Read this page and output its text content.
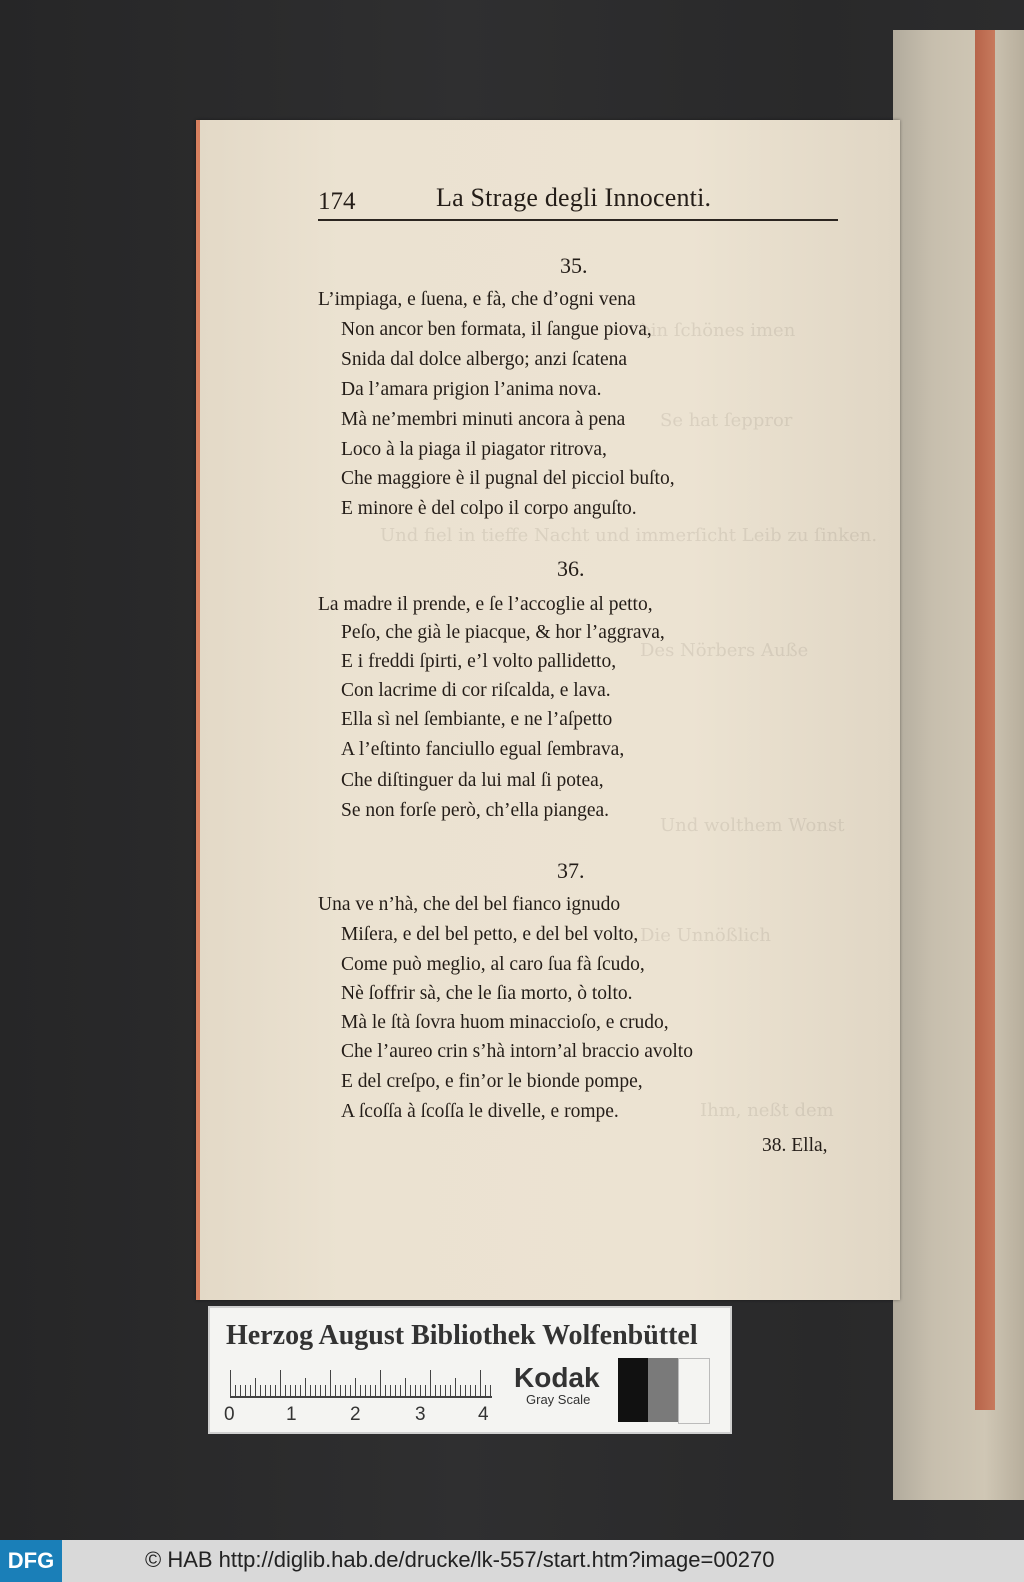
ꝺin ſchönes imen
Se hat ſeppror
Und fiel in tieffe Nacht und immerſicht Leib zu ſinken.
Des Nörbers Auße
Und wolthem Wonst
Die Unnößlich
Ihm, neßt dem
174	La Strage degli Innocenti.
35.
L’impiaga, e ſuena, e fà, che d’ogni vena
Non ancor ben formata, il ſangue piova,
Snida dal dolce albergo; anzi ſcatena
Da l’amara prigion l’anima nova.
Mà ne’membri minuti ancora à pena
Loco à la piaga il piagator ritrova,
Che maggiore è il pugnal del picciol buſto,
E minore è del colpo il corpo anguſto.
36.
La madre il prende, e ſe l’accoglie al petto,
Peſo, che già le piacque, & hor l’aggrava,
E i freddi ſpirti, e’l volto pallidetto,
Con lacrime di cor riſcalda, e lava.
Ella sì nel ſembiante, e ne l’aſpetto
A l’eſtinto fanciullo egual ſembrava,
Che diſtinguer da lui mal ſi potea,
Se non forſe però, ch’ella piangea.
37.
Una ve n’hà, che del bel fianco ignudo
Miſera, e del bel petto, e del bel volto,
Come può meglio, al caro ſua fà ſcudo,
Nè ſoffrir sà, che le ſia morto, ò tolto.
Mà le ſtà ſovra huom minaccioſo, e crudo,
Che l’aureo crin s’hà intorn’al braccio avolto
E del creſpo, e fin’or le bionde pompe,
A ſcoſſa à ſcoſſa le divelle, e rompe.
38. Ella,
Herzog August Bibliothek Wolfenbüttel
0	1	2	3	4
Kodak
Gray Scale
DFG	© HAB http://diglib.hab.de/drucke/lk-557/start.htm?image=00270
